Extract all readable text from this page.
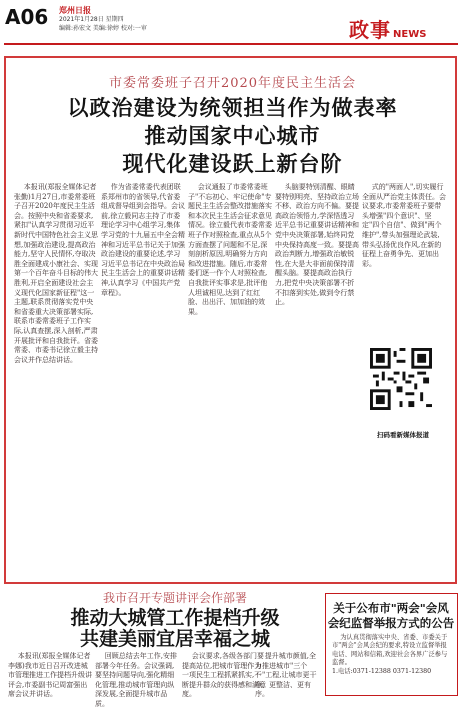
A06 郑州日报
2021年1月28日 星期四
编辑:孙宏文 美编:徐婷 校对:一审	政事 NEWS
市委常委班子召开2020年度民主生活会
以政治建设为统领担当作为做表率
推动国家中心城市
现代化建设跃上新台阶

本报讯(郑报全媒体记者 张勤)1月27日,市委常委班子召开2020年度民主生活会。按照中央和省委要求,紧扣"认真学习贯彻习近平新时代中国特色社会主义思想,加强政治建设,提高政治能力,坚守人民情怀,夺取决胜全面建成小康社会、实现第一个百年奋斗目标的伟大胜利,开启全面建设社会主义现代化国家新征程"这一主题,联系贯彻落实党中央和省委重大决策部署实际,联系市委常委班子工作实际,认真查摆,深入剖析,严肃开展批评和自我批评。省委常委、市委书记徐立毅主持会议并作总结讲话。

作为省委常委代表团联系郑州市的省领导,代省委组成督导组到会指导。会议前,徐立毅同志主持了市委理论学习中心组学习,集体学习党的十九届五中全会精神和习近平总书记关于加强政治建设的重要论述,学习习近平总书记在中央政治局民主生活会上的重要讲话精神,认真学习《中国共产党章程》。

会议通报了市委常委班子"不忘初心、牢记使命"专题民主生活会整改措施落实和本次民主生活会征求意见情况。徐立毅代表市委常委班子作对照检查,重点从5个方面查摆了问题和不足,深刻剖析原因,明确努力方向和改进措施。随后,市委常委们逐一作个人对照检查,自我批评实事求是,批评他人坦诚相见,达到了红红脸、出出汗、加加油的效果。

头脑要特别清醒、眼睛要特别明亮、坚持政治立场不移、政治方向不偏。要提高政治领悟力,学深悟透习近平总书记重要讲话精神和党中央决策部署,始终同党中央保持高度一致。要提高政治判断力,增强政治敏锐性,在大是大非面前保持清醒头脑。要提高政治执行力,把党中央决策部署不折不扣落到实处,做到令行禁止。

式的"两面人",切实履行全面从严治党主体责任。会议要求,市委常委班子要带头增强"四个意识"、坚定"四个自信"、做到"两个维护",带头加强理论武装,带头弘扬优良作风,在新的征程上奋勇争先、更加出彩。

扫码看新媒体报道
我市召开专题讲评会作部署
推动大城管工作提档升级
共建美丽宜居幸福之城

本报讯(郑报全媒体记者 李娜)我市近日召开改进城市管理推进工作提档升级讲评会,市委副书记周富强出席会议并讲话。

回顾总结去年工作,安排部署今年任务。会议强调,要坚持问题导向,强化精细化管理,推动城市管理向纵深发展,全面提升城市品质。

会议要求,各级各部门要提高站位,把城市管理作为一项民生工程抓紧抓实,不断提升群众的获得感和满意度。

提升城市颜值,全力推进城市"三个一"工程,让城市更干净、更整洁、更有序。

关于公布市"两会"会风
会纪监督举报方式的公告

为认真贯彻落实中央、省委、市委关于市"两会"会风会纪的要求,特设立监督举报电话、网站和信箱,欢迎社会各界广泛参与监督。

1.电话:0371-12388 0371-12380
